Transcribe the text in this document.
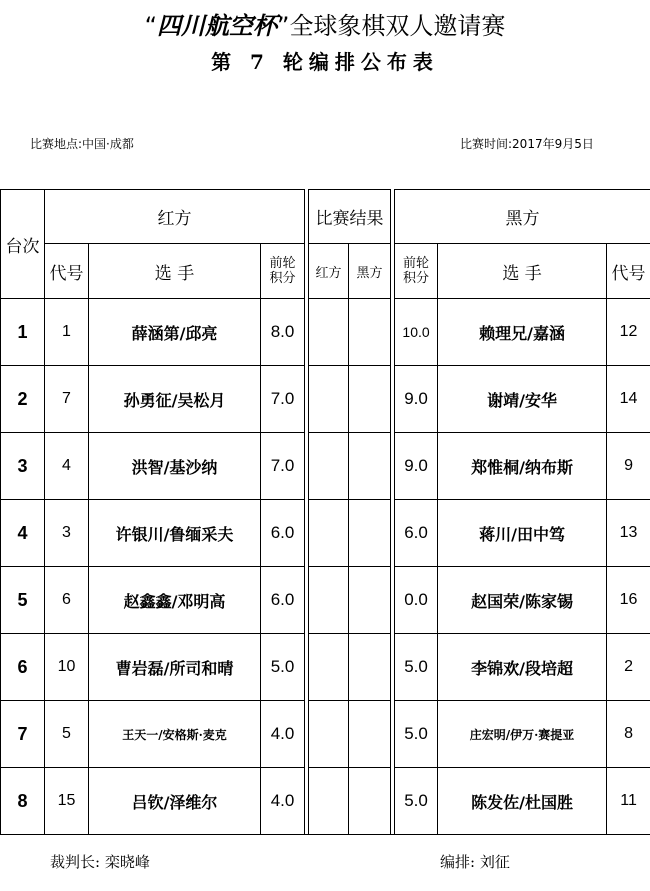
“四川航空杯”全球象棋双人邀请赛
第 7 轮编排公布表
比赛地点:中国·成都	比赛时间:2017年9月5日
台次	红方				比赛结果			黑方		
	代号	选 手	前轮积分		红方	黑方		前轮积分	选 手	代号
1	1	薛涵第/邱亮	8.0					10.0	赖理兄/嘉涵	12
2	7	孙勇征/吴松月	7.0					9.0	谢靖/安华	14
3	4	洪智/基沙纳	7.0					9.0	郑惟桐/纳布斯	9
4	3	许银川/鲁缅采夫	6.0					6.0	蒋川/田中笃	13
5	6	赵鑫鑫/邓明高	6.0					0.0	赵国荣/陈家锡	16
6	10	曹岩磊/所司和晴	5.0					5.0	李锦欢/段培超	2
7	5	王天一/安格斯·麦克	4.0					5.0	庄宏明/伊万·赛提亚	8
8	15	吕钦/泽维尔	4.0					5.0	陈发佐/杜国胜	11
裁判长: 栾晓峰	编排: 刘征
